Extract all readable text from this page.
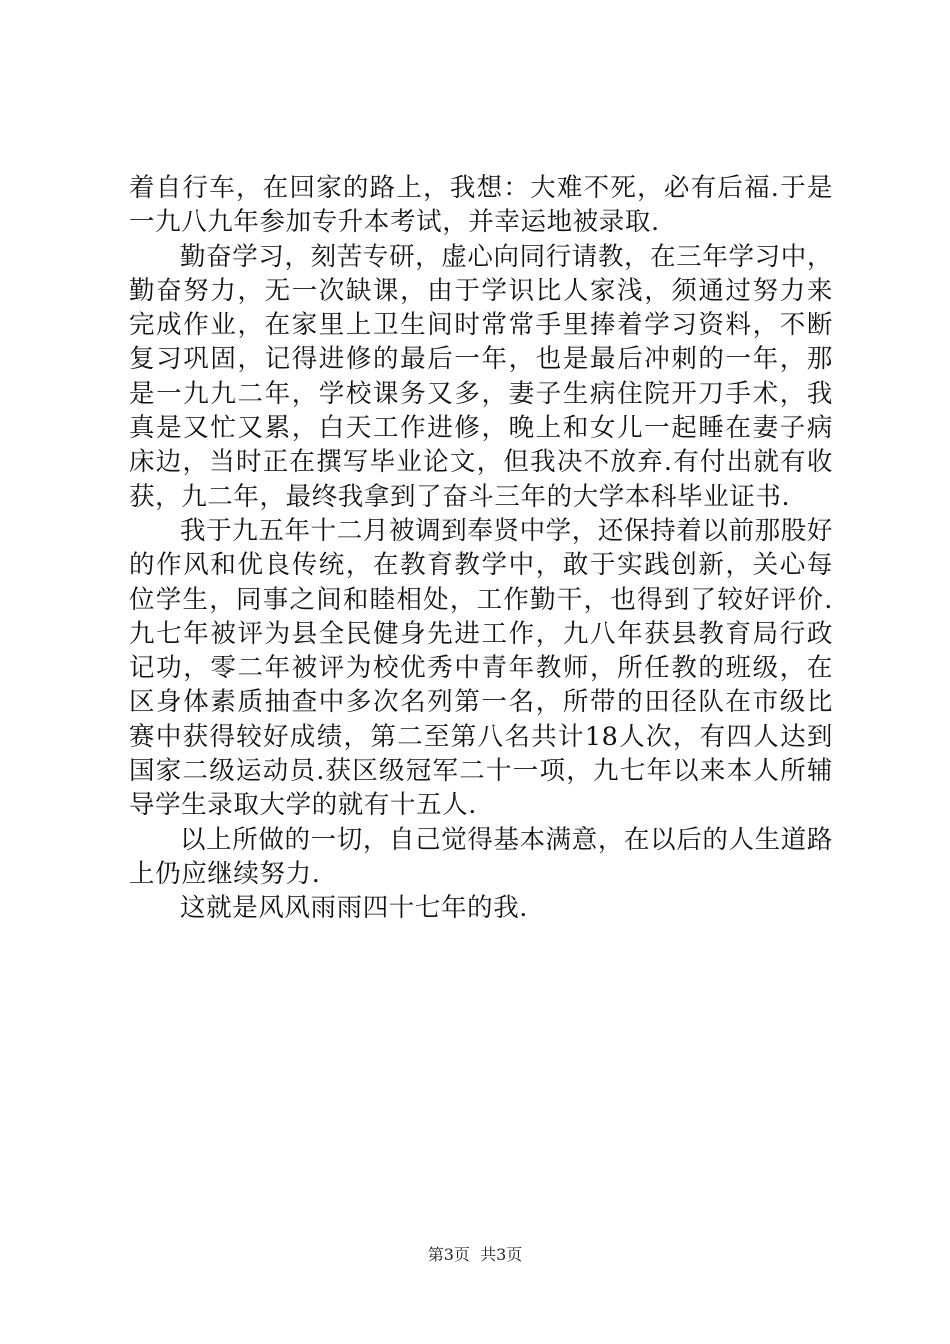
着自行车，在回家的路上，我想：大难不死，必有后福.于是一九八九年参加专升本考试，并幸运地被录取.

勤奋学习，刻苦专研，虚心向同行请教，在三年学习中，勤奋努力，无一次缺课，由于学识比人家浅，须通过努力来完成作业，在家里上卫生间时常常手里捧着学习资料，不断复习巩固，记得进修的最后一年，也是最后冲刺的一年，那是一九九二年，学校课务又多，妻子生病住院开刀手术，我真是又忙又累，白天工作进修，晚上和女儿一起睡在妻子病床边，当时正在撰写毕业论文，但我决不放弃.有付出就有收获，九二年，最终我拿到了奋斗三年的大学本科毕业证书.

我于九五年十二月被调到奉贤中学，还保持着以前那股好的作风和优良传统，在教育教学中，敢于实践创新，关心每位学生，同事之间和睦相处，工作勤干，也得到了较好评价.九七年被评为县全民健身先进工作，九八年获县教育局行政记功，零二年被评为校优秀中青年教师，所任教的班级，在区身体素质抽查中多次名列第一名，所带的田径队在市级比赛中获得较好成绩，第二至第八名共计18人次，有四人达到国家二级运动员.获区级冠军二十一项，九七年以来本人所辅导学生录取大学的就有十五人.

以上所做的一切，自己觉得基本满意，在以后的人生道路上仍应继续努力.

这就是风风雨雨四十七年的我.

第3页  共3页
